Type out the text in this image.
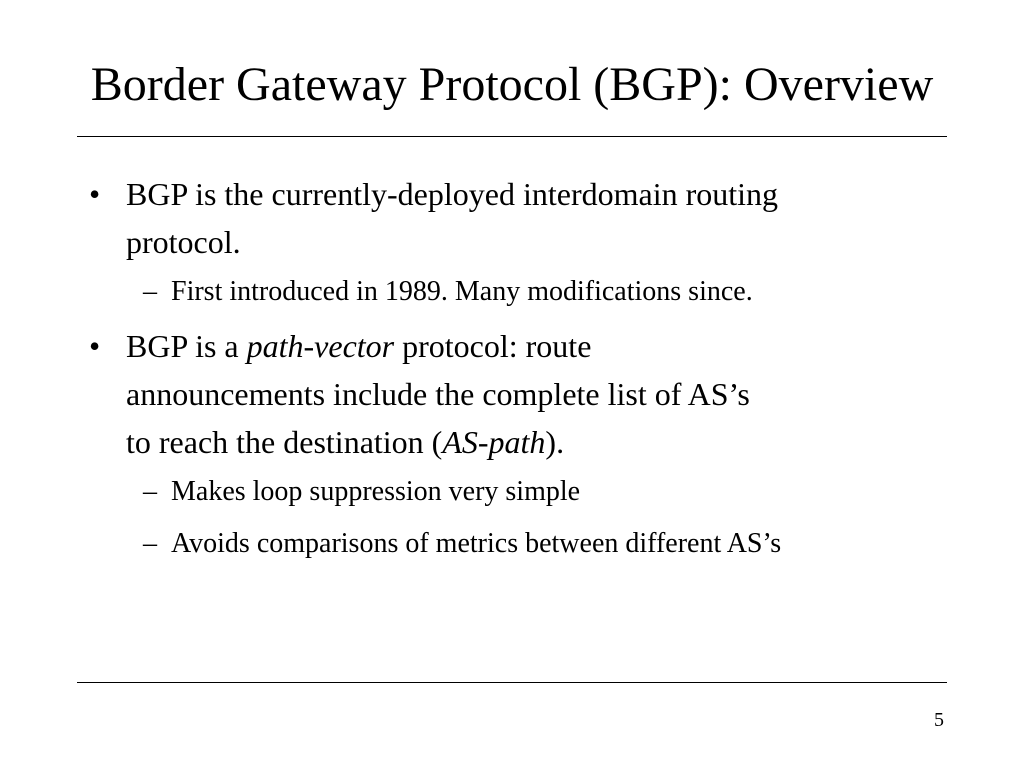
Border Gateway Protocol (BGP): Overview
• BGP is the currently-deployed interdomain routing
protocol.
– First introduced in 1989. Many modifications since.
• BGP is a path-vector protocol: route
announcements include the complete list of AS’s
to reach the destination (AS-path).
– Makes loop suppression very simple
– Avoids comparisons of metrics between different AS’s
5
